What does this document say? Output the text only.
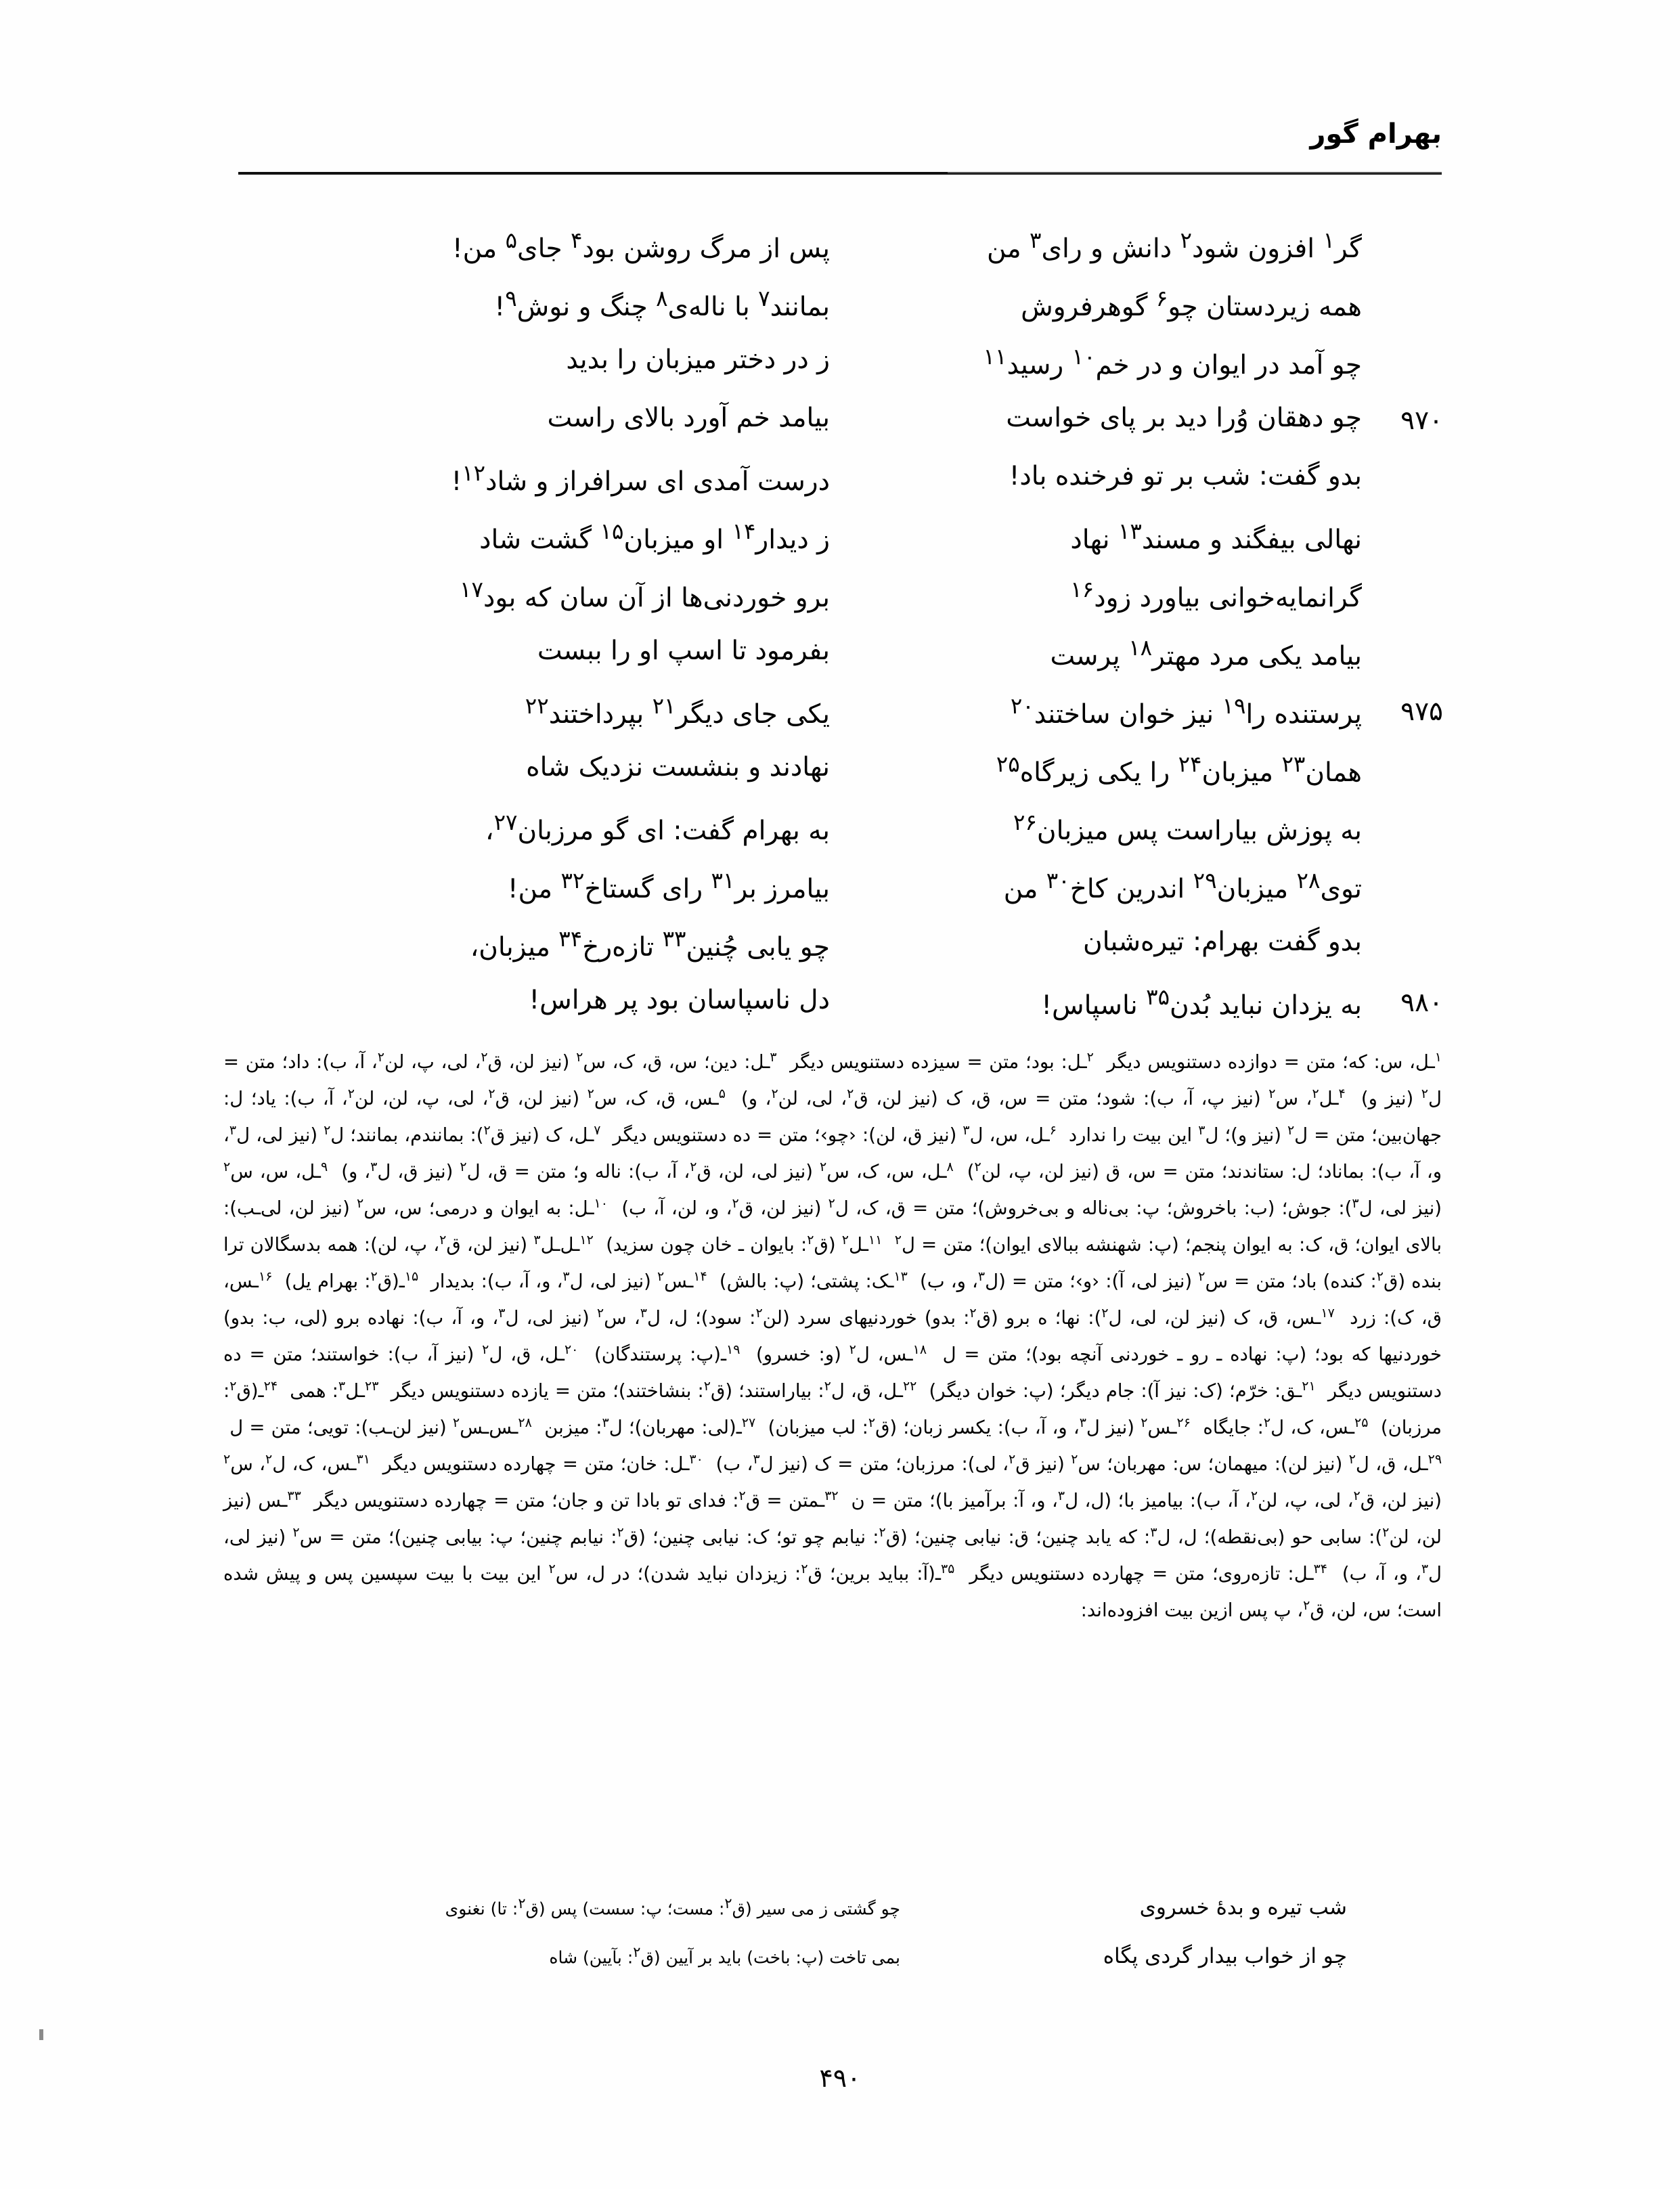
بهرام گور
گر$^۱$ افزون شود$^۲$ دانش و رای$^۳$ من
پس از مرگ روشن بود$^۴$ جای$^۵$ من!
همه زیردستان چو$^۶$ گوهرفروش
بمانند$^۷$ با ناله‌ی$^۸$ چنگ و نوش$^۹$!
چو آمد در ایوان و در خم$^{۱۰}$ رسید$^{۱۱}$
ز در دختر میزبان را بدید
۹۷۰
چو دهقان وُرا دید بر پای خواست
بیامد خم آورد بالای راست
بدو گفت: شب بر تو فرخنده باد!
درست آمدی ای سرافراز و شاد$^{۱۲}$!
نهالی بیفگند و مسند$^{۱۳}$ نهاد
ز دیدار$^{۱۴}$ او میزبان$^{۱۵}$ گشت شاد
گرانمایه‌خوانی بیاورد زود$^{۱۶}$
برو خوردنی‌ها از آن سان که بود$^{۱۷}$
بیامد یکی مرد مهتر$^{۱۸}$ پرست
بفرمود تا اسپ او را ببست
۹۷۵
پرستنده را$^{۱۹}$ نیز خوان ساختند$^{۲۰}$
یکی جای دیگر$^{۲۱}$ بپرداختند$^{۲۲}$
همان$^{۲۳}$ میزبان$^{۲۴}$ را یکی زیرگاه$^{۲۵}$
نهادند و بنشست نزدیک شاه
به پوزش بیاراست پس میزبان$^{۲۶}$
به بهرام گفت: ای گو مرزبان$^{۲۷}$،
توی$^{۲۸}$ میزبان$^{۲۹}$ اندرین کاخ$^{۳۰}$ من
بیامرز بر$^{۳۱}$ رای گستاخ$^{۳۲}$ من!
بدو گفت بهرام: تیره‌شبان
چو یابی چُنین$^{۳۳}$ تازه‌رخ$^{۳۴}$ میزبان،
۹۸۰
به یزدان نباید بُدن$^{۳۵}$ ناسپاس!
دل ناسپاسان بود پر هراس!

$^۱$ـل، س: که؛ متن = دوازده دستنویس دیگر  $^۲$ـل: بود؛ متن = سیزده دستنویس دیگر  $^۳$ـل: دین؛ س، ق، ک، س$^۲$ (نیز لن، ق$^۲$، لی، پ، لن$^۲$، آ، ب): داد؛ متن = ل$^۲$ (نیز و)  $^۴$ـل$^۲$، س$^۲$ (نیز پ، آ، ب): شود؛ متن = س، ق، ک (نیز لن، ق$^۲$، لی، لن$^۲$، و)  $^۵$ـس، ق، ک، س$^۲$ (نیز لن، ق$^۲$، لی، پ، لن، لن$^۲$، آ، ب): یاد؛ ل: جهان‌بین؛ متن = ل$^۲$ (نیز و)؛ ل$^۳$ این بیت را ندارد  $^۶$ـل، س، ل$^۳$ (نیز ق، لن): ‹چو›؛ متن = ده دستنویس دیگر  $^۷$ـل، ک (نیز ق$^۲$): بمانندم، بمانند؛ ل$^۲$ (نیز لی، ل$^۳$، و، آ، ب): بماناد؛ ل: ستاندند؛ متن = س، ق (نیز لن، پ، لن$^۲$)  $^۸$ـل، س، ک، س$^۲$ (نیز لی، لن، ق$^۲$، آ، ب): ناله و؛ متن = ق، ل$^۲$ (نیز ق، ل$^۳$، و)  $^۹$ـل، س، س$^۲$ (نیز لی، ل$^۳$): جوش؛ (ب: باخروش؛ پ: بی‌ناله و بی‌خروش)؛ متن = ق، ک، ل$^۲$ (نیز لن، ق$^۲$، و، لن، آ، ب)  $^{۱۰}$ـل: به ایوان و درمی؛ س، س$^۲$ (نیز لن، لی‌ـب): بالای ایوان؛ ق، ک: به ایوان پنجم؛ (پ: شهنشه ببالای ایوان)؛ متن = ل$^۲$  $^{۱۱}$ـل$^۲$ (ق$^۲$: بایوان ـ خان چون سزید)  $^{۱۲}$ـل‌ـل$^۳$ (نیز لن، ق$^۲$، پ، لن): همه بدسگالان ترا بنده (ق$^۲$: کنده) باد؛ متن = س$^۲$ (نیز لی، آ): ‹و›؛ متن = (ل$^۳$، و، ب)  $^{۱۳}$ـک: پشتی؛ (پ: بالش)  $^{۱۴}$ـس$^۲$ (نیز لی، ل$^۳$، و، آ، ب): بدیدار  $^{۱۵}$ـ(ق$^۲$: بهرام یل)  $^{۱۶}$ـس، ق، ک): زرد  $^{۱۷}$ـس، ق، ک (نیز لن، لی، ل$^۲$): نها؛ ه برو (ق$^۲$: بدو) خوردنیهای سرد (لن$^۲$: سود)؛ ل، ل$^۳$، س$^۲$ (نیز لی، ل$^۳$، و، آ، ب): نهاده برو (لی، ب: بدو) خوردنیها که بود؛ (پ: نهاده ـ رو ـ خوردنی آنچه بود)؛ متن = ل  $^{۱۸}$ـس، ل$^۲$ (و: خسرو)  $^{۱۹}$ـ(پ: پرستندگان)  $^{۲۰}$ـل، ق، ل$^۲$ (نیز آ، ب): خواستند؛ متن = ده دستنویس دیگر  $^{۲۱}$ـق: خرّم؛ (ک: نیز آ): جام دیگر؛ (پ: خوان دیگر)  $^{۲۲}$ـل، ق، ل$^۲$: بیاراستند؛ (ق$^۲$: بنشاختند)؛ متن = یازده دستنویس دیگر  $^{۲۳}$ـل$^۳$: همی  $^{۲۴}$ـ(ق$^۲$: مرزبان)  $^{۲۵}$ـس، ک، ل$^۲$: جایگاه  $^{۲۶}$ـس$^۲$ (نیز ل$^۳$، و، آ، ب): یکسر زبان؛ (ق$^۲$: لب میزبان)  $^{۲۷}$ـ(لی: مهربان)؛ ل$^۳$: میزبن  $^{۲۸}$ـس‌ـس$^۲$ (نیز لن‌ـب): تویی؛ متن = ل  $^{۲۹}$ـل، ق، ل$^۲$ (نیز لن): میهمان؛ س: مهربان؛ س$^۲$ (نیز ق$^۲$، لی): مرزبان؛ متن = ک (نیز ل$^۳$، ب)  $^{۳۰}$ـل: خان؛ متن = چهارده دستنویس دیگر  $^{۳۱}$ـس، ک، ل$^۲$، س$^۲$ (نیز لن، ق$^۲$، لی، پ، لن$^۲$، آ، ب): بیامیز با؛ (ل، ل$^۳$، و، آ: برآمیز با)؛ متن = ن  $^{۳۲}$ـمتن = ق$^۲$: فدای تو بادا تن و جان؛ متن = چهارده دستنویس دیگر  $^{۳۳}$ـس (نیز لن، لن$^۲$): سابی حو (بی‌نقطه)؛ ل، ل$^۳$: که یابد چنین؛ ق: نیابی چنین؛ (ق$^۲$: نیابم چو تو؛ ک: نیابی چنین؛ (ق$^۲$: نیابم چنین؛ پ: بیابی چنین)؛ متن = س$^۲$ (نیز لی، ل$^۳$، و، آ، ب)  $^{۳۴}$ـل: تازه‌روی؛ متن = چهارده دستنویس دیگر  $^{۳۵}$ـ(آ: بباید برین؛ ق$^۲$: زیزدان نباید شدن)؛ در ل، س$^۲$ این بیت با بیت سپسین پس و پیش شده است؛ س، لن، ق$^۲$، پ پس ازین بیت افزوده‌اند:

شب تیره و بدهٔ خسروی
چو گشتی ز می سیر (ق$^۲$: مست؛ پ: سست) پس (ق$^۲$: تا) نغنوی
چو از خواب بیدار گردی پگاه
بمی تاخت (پ: باخت) باید بر آیین (ق$^۲$: بآیین) شاه
۴۹۰
